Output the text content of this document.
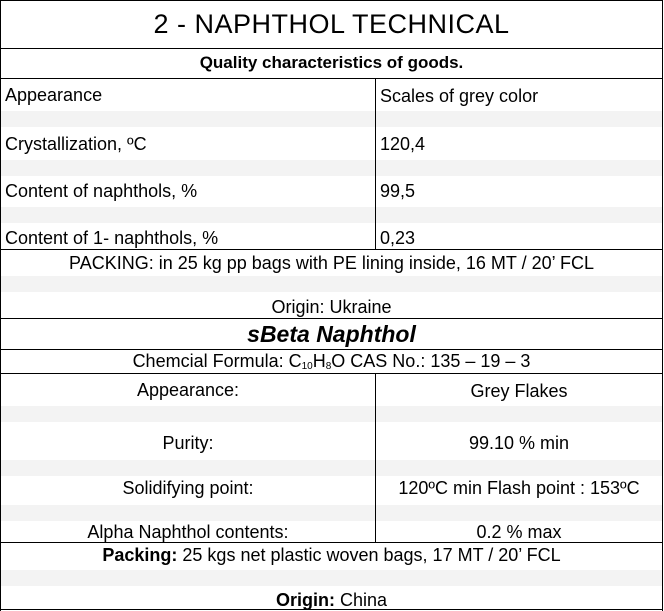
2 - NAPHTHOL TECHNICAL
Quality characteristics of goods.
Appearance	Scales of grey color
Crystallization, ºC	120,4
Content of naphthols, %	99,5
Content of 1- naphthols, %	0,23
PACKING: in 25 kg pp bags with PE lining inside, 16 MT / 20’ FCL
Origin: Ukraine
sBeta Naphthol
Chemcial Formula: $C_{10}H_8O$ CAS No.: 135 – 19 – 3
Appearance:	Grey Flakes
Purity:	99.10 % min
Solidifying point:	120ºC min Flash point : 153ºC
Alpha Naphthol contents:	0.2 % max
Packing: 25 kgs net plastic woven bags, 17 MT / 20’ FCL
Origin: China
